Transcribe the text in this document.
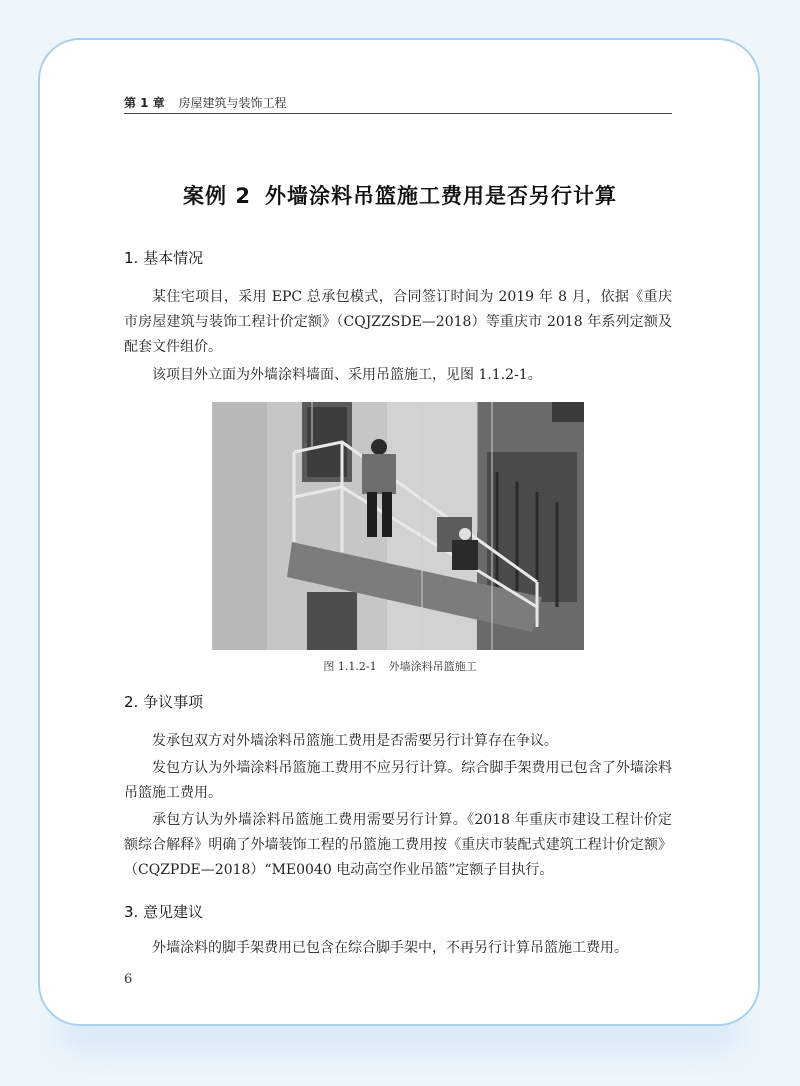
第 1 章 房屋建筑与装饰工程
案例 2 外墙涂料吊篮施工费用是否另行计算
1. 基本情况
某住宅项目，采用 EPC 总承包模式，合同签订时间为 2019 年 8 月，依据《重庆市房屋建筑与装饰工程计价定额》（CQJZZSDE—2018）等重庆市 2018 年系列定额及配套文件组价。
该项目外立面为外墙涂料墙面、采用吊篮施工，见图 1.1.2-1。
图 1.1.2-1 外墙涂料吊篮施工
2. 争议事项
发承包双方对外墙涂料吊篮施工费用是否需要另行计算存在争议。
发包方认为外墙涂料吊篮施工费用不应另行计算。综合脚手架费用已包含了外墙涂料吊篮施工费用。
承包方认为外墙涂料吊篮施工费用需要另行计算。《2018 年重庆市建设工程计价定额综合解释》明确了外墙装饰工程的吊篮施工费用按《重庆市装配式建筑工程计价定额》（CQZPDE—2018）“ME0040 电动高空作业吊篮”定额子目执行。
3. 意见建议
外墙涂料的脚手架费用已包含在综合脚手架中，不再另行计算吊篮施工费用。
6
